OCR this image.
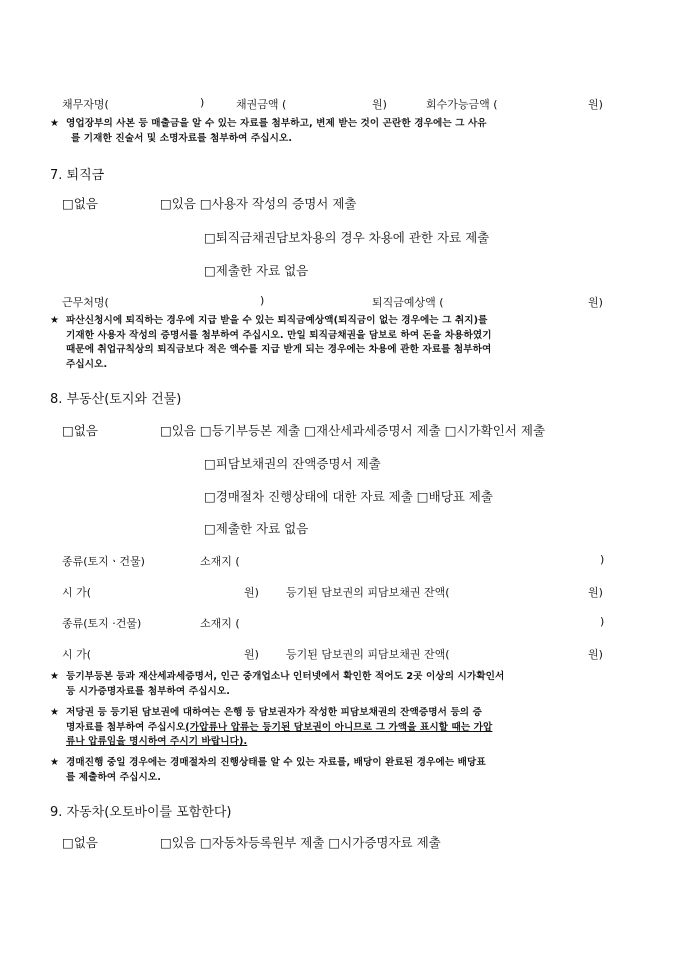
채무자명(	)	채권금액 (	원)	회수가능금액 (	원)
★ 영업장부의 사본 등 매출금을 알 수 있는 자료를 첨부하고, 변제 받는 것이 곤란한 경우에는 그 사유
를 기재한 진술서 및 소명자료를 첨부하여 주십시오.
7. 퇴직금
□없음	□있음 □사용자 작성의 증명서 제출
□퇴직금채권담보차용의 경우 차용에 관한 자료 제출
□제출한 자료 없음
근무처명(	)	퇴직금예상액 (	원)
★ 파산신청시에 퇴직하는 경우에 지급 받을 수 있는 퇴직금예상액(퇴직금이 없는 경우에는 그 취지)를
기재한 사용자 작성의 증명서를 첨부하여 주십시오. 만일 퇴직금채권을 담보로 하여 돈을 차용하였기
때문에 취업규칙상의 퇴직금보다 적은 액수를 지급 받게 되는 경우에는 차용에 관한 자료를 첨부하여
주십시오.
8. 부동산(토지와 건물)
□없음	□있음 □등기부등본 제출 □재산세과세증명서 제출 □시가확인서 제출
□피담보채권의 잔액증명서 제출
□경매절차 진행상태에 대한 자료 제출 □배당표 제출
□제출한 자료 없음
종류(토지ㆍ건물)	소재지 (	)
시 가(	원) 등기된 담보권의 피담보채권 잔액(	원)
종류(토지 ·건물)	소재지 (	)
시 가(	원) 등기된 담보권의 피담보채권 잔액(	원)
★ 등기부등본 등과 재산세과세증명서, 인근 중개업소나 인터넷에서 확인한 적어도 2곳 이상의 시가확인서
등 시가증명자료를 첨부하여 주십시오.
★ 저당권 등 등기된 담보권에 대하여는 은행 등 담보권자가 작성한 피담보채권의 잔액증명서 등의 증
명자료를 첨부하여 주십시오(가압류나 압류는 등기된 담보권이 아니므로 그 가액을 표시할 때는 가압
류나 압류임을 명시하여 주시기 바랍니다).
★ 경매진행 중일 경우에는 경매절차의 진행상태를 알 수 있는 자료를, 배당이 완료된 경우에는 배당표
를 제출하여 주십시오.
9. 자동차(오토바이를 포함한다)
□없음	□있음 □자동차등록원부 제출 □시가증명자료 제출
